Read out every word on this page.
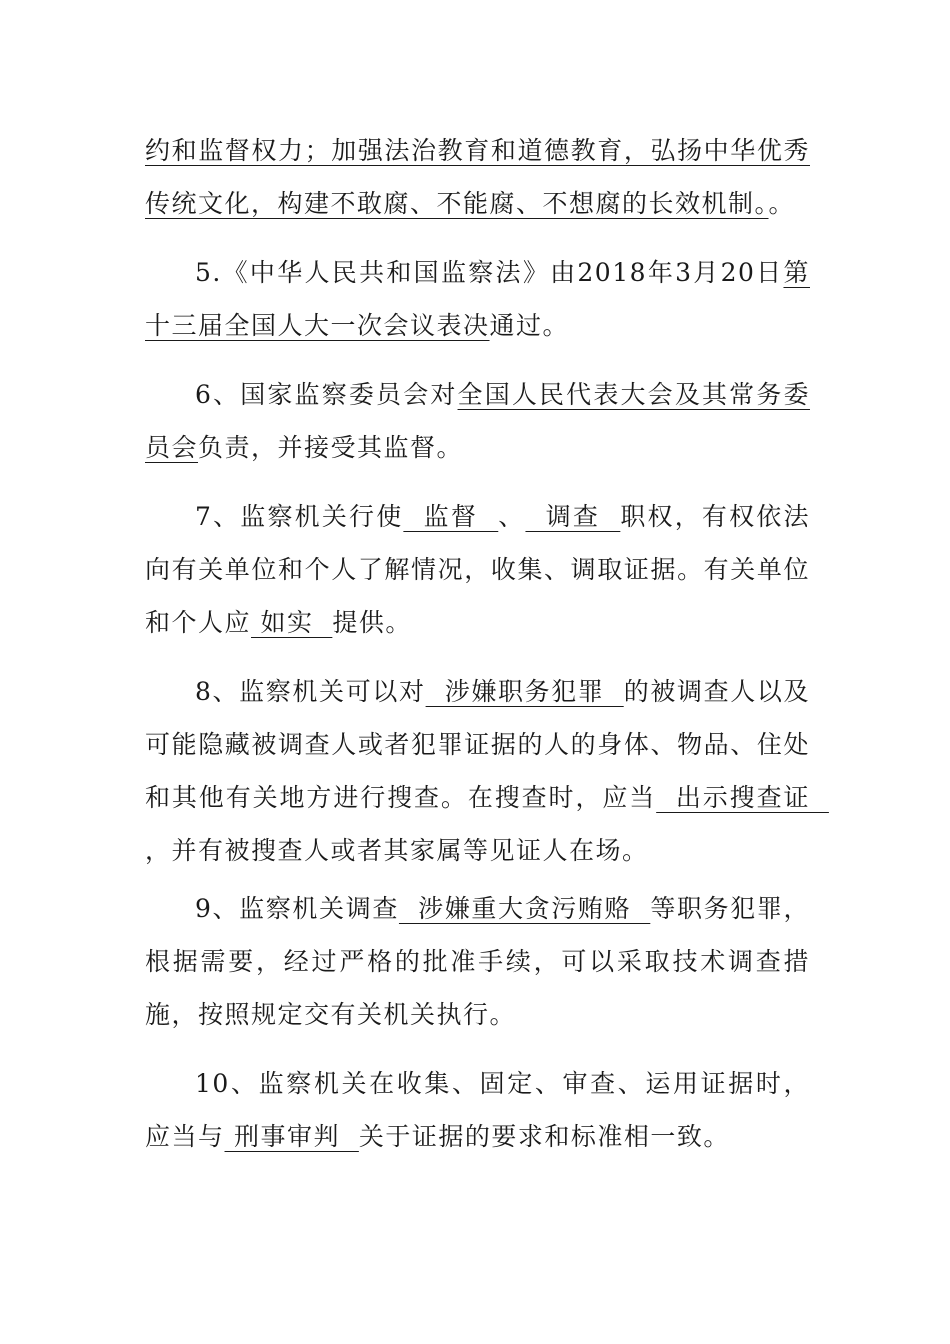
约和监督权力；加强法治教育和道德教育，弘扬中华优秀传统文化，构建不敢腐、不能腐、不想腐的长效机制。。

5.《中华人民共和国监察法》由2018年3月20日第十三届全国人大一次会议表决通过。

6、国家监察委员会对全国人民代表大会及其常务委员会负责，并接受其监督。

7、监察机关行使  监督  、  调查  职权，有权依法向有关单位和个人了解情况，收集、调取证据。有关单位和个人应 如实  提供。

8、监察机关可以对  涉嫌职务犯罪  的被调查人以及可能隐藏被调查人或者犯罪证据的人的身体、物品、住处和其他有关地方进行搜查。在搜查时，应当  出示搜查证  ，并有被搜查人或者其家属等见证人在场。

9、监察机关调查  涉嫌重大贪污贿赂  等职务犯罪，根据需要，经过严格的批准手续，可以采取技术调查措施，按照规定交有关机关执行。

10、监察机关在收集、固定、审查、运用证据时，应当与 刑事审判  关于证据的要求和标准相一致。
